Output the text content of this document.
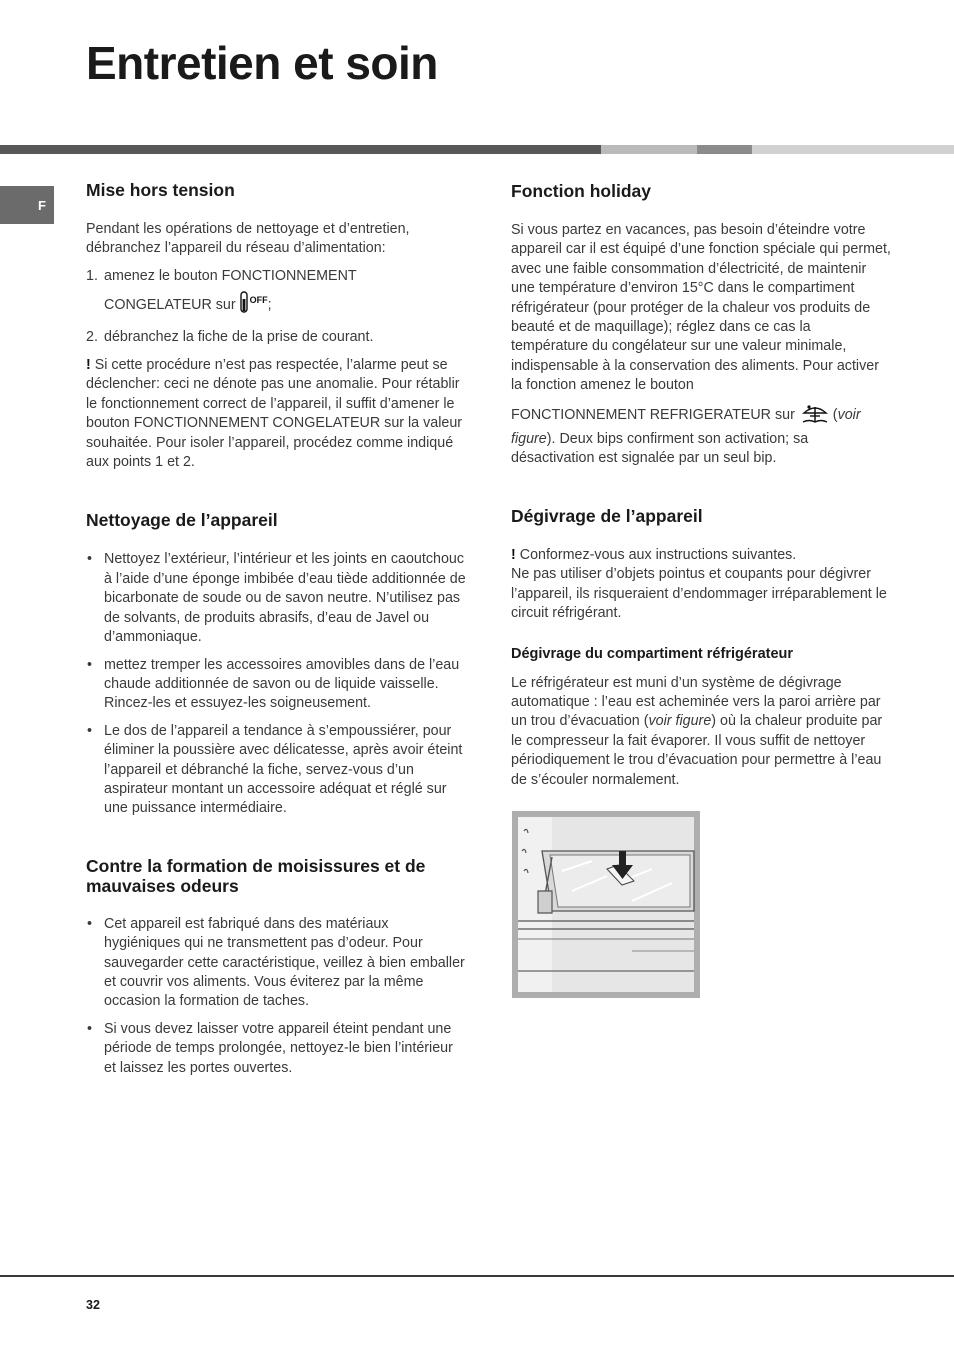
Entretien et soin
F
Mise hors tension

Pendant les opérations de nettoyage et d’entretien, débranchez l’appareil du réseau d’alimentation:

1. amenez le bouton FONCTIONNEMENT
CONGELATEUR sur $^{OFF}$;
2. débranchez la fiche de la prise de courant.

! Si cette procédure n’est pas respectée, l’alarme peut se déclencher: ceci ne dénote pas une anomalie. Pour rétablir le fonctionnement correct de l’appareil, il suffit d’amener le bouton FONCTIONNEMENT CONGELATEUR sur la valeur souhaitée. Pour isoler l’appareil, procédez comme indiqué aux points 1 et 2.

Nettoyage de l’appareil

• Nettoyez l’extérieur, l’intérieur et les joints en caoutchouc à l’aide d’une éponge imbibée d’eau tiède additionnée de bicarbonate de soude ou de savon neutre. N’utilisez pas de solvants, de produits abrasifs, d’eau de Javel ou d’ammoniaque.

• mettez tremper les accessoires amovibles dans de l’eau chaude additionnée de savon ou de liquide vaisselle. Rincez-les et essuyez-les soigneusement.

• Le dos de l’appareil a tendance à s’empoussiérer, pour éliminer la poussière avec délicatesse, après avoir éteint l’appareil et débranché la fiche, servez-vous d’un aspirateur montant un accessoire adéquat et réglé sur une puissance intermédiaire.

Contre la formation de moisissures et de mauvaises odeurs

• Cet appareil est fabriqué dans des matériaux hygiéniques qui ne transmettent pas d’odeur. Pour sauvegarder cette caractéristique, veillez à bien emballer et couvrir vos aliments. Vous éviterez par la même occasion la formation de taches.

• Si vous devez laisser votre appareil éteint pendant une période de temps prolongée, nettoyez-le bien l’intérieur et laissez les portes ouvertes.

Fonction holiday

Si vous partez en vacances, pas besoin d’éteindre votre appareil car il est équipé d’une fonction spéciale qui permet, avec une faible consommation d’électricité, de maintenir une température d’environ 15°C dans le compartiment réfrigérateur (pour protéger de la chaleur vos produits de beauté et de maquillage); réglez dans ce cas la température du congélateur sur une valeur minimale, indispensable à la conservation des aliments. Pour activer la fonction amenez le bouton

FONCTIONNEMENT REFRIGERATEUR sur  (voir figure). Deux bips confirment son activation; sa désactivation est signalée par un seul bip.

Dégivrage de l’appareil

! Conformez-vous aux instructions suivantes.

Ne pas utiliser d’objets pointus et coupants pour dégivrer l’appareil, ils risqueraient d’endommager irréparablement le circuit réfrigérant.

Dégivrage du compartiment réfrigérateur

Le réfrigérateur est muni d’un système de dégivrage automatique : l’eau est acheminée vers la paroi arrière par un trou d’évacuation (voir figure) où la chaleur produite par le compresseur la fait évaporer. Il vous suffit de nettoyer périodiquement le trou d’évacuation pour permettre à l’eau de s’écouler normalement.

32
